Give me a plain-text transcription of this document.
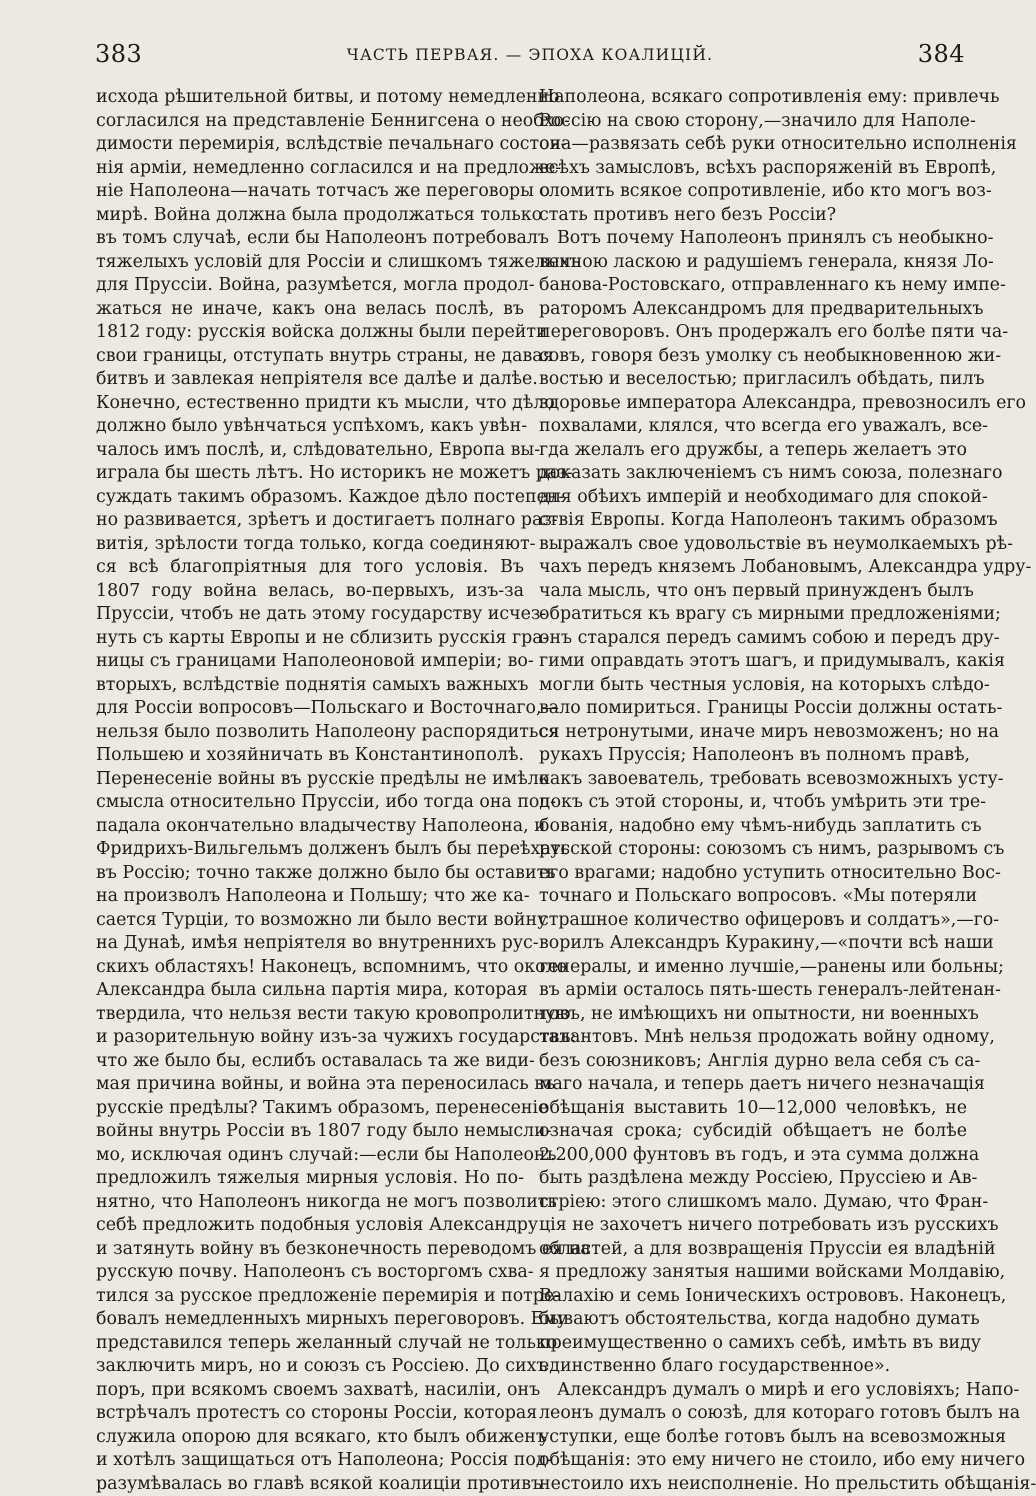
383	ЧАСТЬ ПЕРВАЯ. — ЭПОХА КОАЛИЦІЙ.	384
исхода рѣшительной битвы, и потому немедленно
согласился на представленіе Беннигсена о необхо-
димости перемирія, вслѣдствіе печальнаго состоя-
нія арміи, немедленно согласился и на предложе-
ніе Наполеона—начать тотчасъ же переговоры о
мирѣ. Война должна была продолжаться только
въ томъ случаѣ, если бы Наполеонъ потребовалъ
тяжелыхъ условій для Россіи и слишкомъ тяжелыхъ
для Пруссіи. Война, разумѣется, могла продол-
жаться не иначе, какъ она велась послѣ, въ
1812 году: русскія войска должны были перейти
свои границы, отступать внутрь страны, не давая
битвъ и завлекая непріятеля все далѣе и далѣе.
Конечно, естественно придти къ мысли, что дѣло
должно было увѣнчаться успѣхомъ, какъ увѣн-
чалось имъ послѣ, и, слѣдовательно, Европа вы-
играла бы шесть лѣтъ. Но историкъ не можетъ раз-
суждать такимъ образомъ. Каждое дѣло постепен-
но развивается, зрѣетъ и достигаетъ полнаго раз-
витія, зрѣлости тогда только, когда соединяют-
ся всѣ благопріятныя для того условія. Въ
1807 году война велась, во-первыхъ, изъ-за
Пруссіи, чтобъ не дать этому государству исчез-
нуть съ карты Европы и не сблизить русскія гра-
ницы съ границами Наполеоновой имперіи; во-
вторыхъ, вслѣдствіе поднятія самыхъ важныхъ
для Россіи вопросовъ—Польскаго и Восточнаго,—
нельзя было позволить Наполеону распорядиться
Польшею и хозяйничать въ Константинополѣ.
Перенесеніе войны въ русскіе предѣлы не имѣло
смысла относительно Пруссіи, ибо тогда она под-
падала окончательно владычеству Наполеона, и
Фридрихъ-Вильгельмъ долженъ былъ бы переѣхать
въ Россію; точно также должно было бы оставить
на произволъ Наполеона и Польшу; что же ка-
сается Турціи, то возможно ли было вести войну
на Дунаѣ, имѣя непріятеля во внутреннихъ рус-
скихъ областяхъ! Наконецъ, вспомнимъ, что около
Александра была сильна партія мира, которая
твердила, что нельзя вести такую кровопролитную
и разорительную войну изъ-за чужихъ государствъ:
что же было бы, еслибъ оставалась та же види-
мая причина войны, и война эта переносилась въ
русскіе предѣлы? Такимъ образомъ, перенесеніе
войны внутрь Россіи въ 1807 году было немысли-
мо, исключая одинъ случай:—если бы Наполеонъ
предложилъ тяжелыя мирныя условія. Но по-
нятно, что Наполеонъ никогда не могъ позволить
себѣ предложить подобныя условія Александру
и затянуть войну въ безконечность переводомъ ея на
русскую почву. Наполеонъ съ восторгомъ схва-
тился за русское предложеніе перемирія и потре-
бовалъ немедленныхъ мирныхъ переговоровъ. Ему
представился теперь желанный случай не только
заключить миръ, но и союзъ съ Россіею. До сихъ
поръ, при всякомъ своемъ захватѣ, насиліи, онъ
встрѣчалъ протестъ со стороны Россіи, которая
служила опорою для всякаго, кто былъ обиженъ
и хотѣлъ защищаться отъ Наполеона; Россія под-
разумѣвалась во главѣ всякой коалиціи противъ
Наполеона, всякаго сопротивленія ему: привлечь
Россію на свою сторону,—значило для Наполе-
она—развязать себѣ руки относительно исполненія
всѣхъ замысловъ, всѣхъ распоряженій въ Европѣ,
сломить всякое сопротивленіе, ибо кто могъ воз-
стать противъ него безъ Россіи?
Вотъ почему Наполеонъ принялъ съ необыкно-
венною ласкою и радушіемъ генерала, князя Ло-
банова-Ростовскаго, отправленнаго къ нему импе-
раторомъ Александромъ для предварительныхъ
переговоровъ. Онъ продержалъ его болѣе пяти ча-
совъ, говоря безъ умолку съ необыкновенною жи-
востью и веселостью; пригласилъ обѣдать, пилъ
здоровье императора Александра, превозносилъ его
похвалами, клялся, что всегда его уважалъ, все-
гда желалъ его дружбы, а теперь желаетъ это
доказать заключеніемъ съ нимъ союза, полезнаго
для обѣихъ имперій и необходимаго для спокой-
ствія Европы. Когда Наполеонъ такимъ образомъ
выражалъ свое удовольствіе въ неумолкаемыхъ рѣ-
чахъ передъ княземъ Лобановымъ, Александра удру-
чала мысль, что онъ первый принужденъ былъ
обратиться къ врагу съ мирными предложеніями;
онъ старался передъ самимъ собою и передъ дру-
гими оправдать этотъ шагъ, и придумывалъ, какія
могли быть честныя условія, на которыхъ слѣдо-
вало помириться. Границы Россіи должны остать-
ся нетронутыми, иначе миръ невозможенъ; но на
рукахъ Пруссія; Наполеонъ въ полномъ правѣ,
какъ завоеватель, требовать всевозможныхъ усту-
покъ съ этой стороны, и, чтобъ умѣрить эти тре-
бованія, надобно ему чѣмъ-нибудь заплатить съ
русской стороны: союзомъ съ нимъ, разрывомъ съ
его врагами; надобно уступить относительно Вос-
точнаго и Польскаго вопросовъ. «Мы потеряли
страшное количество офицеровъ и солдатъ»,—го-
ворилъ Александръ Куракину,—«почти всѣ наши
генералы, и именно лучшіе,—ранены или больны;
въ арміи осталось пять-шесть генералъ-лейтенан-
товъ, не имѣющихъ ни опытности, ни военныхъ
талантовъ. Мнѣ нельзя продожать войну одному,
безъ союзниковъ; Англія дурно вела себя съ са-
маго начала, и теперь даетъ ничего незначащія
обѣщанія выставить 10—12,000 человѣкъ, не
означая срока; субсидій обѣщаетъ не болѣе
2.200,000 фунтовъ въ годъ, и эта сумма должна
быть раздѣлена между Россіею, Пруссіею и Ав-
стріею: этого слишкомъ мало. Думаю, что Фран-
ція не захочетъ ничего потребовать изъ русскихъ
областей, а для возвращенія Пруссіи ея владѣній
я предложу занятыя нашими войсками Молдавію,
Валахію и семь Іоническихъ острововъ. Наконецъ,
бываютъ обстоятельства, когда надобно думать
преимущественно о самихъ себѣ, имѣть въ виду
единственно благо государственное».
Александръ думалъ о мирѣ и его условіяхъ; Напо-
леонъ думалъ о союзѣ, для котораго готовъ былъ на
уступки, еще болѣе готовъ былъ на всевозможныя
обѣщанія: это ему ничего не стоило, ибо ему ничего
нестоило ихъ неисполненіе. Но прельстить обѣщанія-
